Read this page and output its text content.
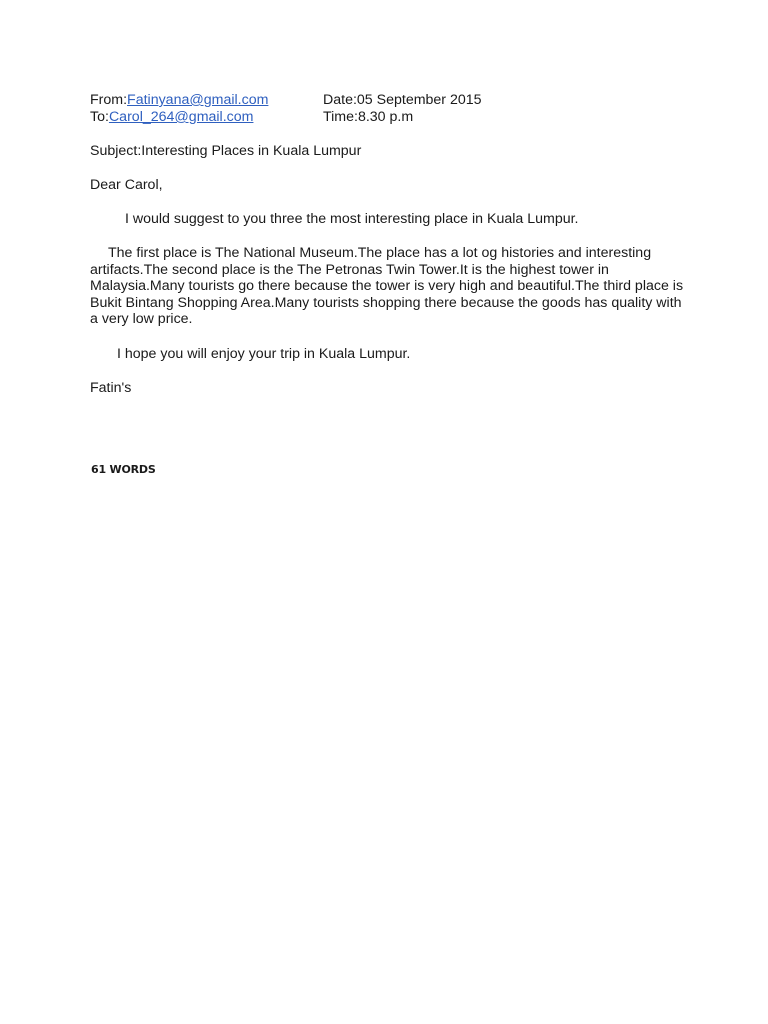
From:Fatinyana@gmail.com	Date:05 September 2015
To:Carol_264@gmail.com	Time:8.30 p.m
Subject:Interesting Places in Kuala Lumpur
Dear Carol,
I would suggest to you three the most interesting place in Kuala Lumpur.
The first place is The National Museum.The place has a lot og histories and interesting
artifacts.The second place is the The Petronas Twin Tower.It is the highest tower in
Malaysia.Many tourists go there because the tower is very high and beautiful.The third place is
Bukit Bintang Shopping Area.Many tourists shopping there because the goods has quality with
a very low price.
I hope you will enjoy your trip in Kuala Lumpur.
Fatin's
61 WORDS
